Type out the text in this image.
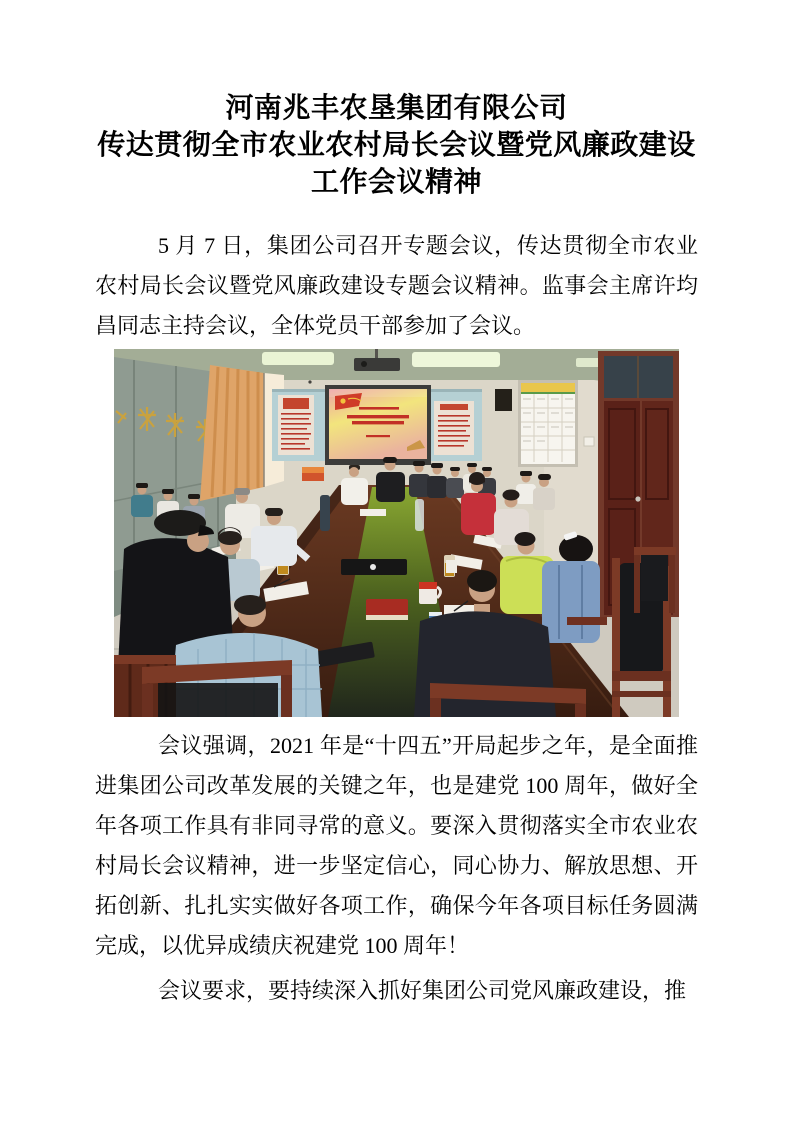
河南兆丰农垦集团有限公司
传达贯彻全市农业农村局长会议暨党风廉政建设
工作会议精神

5 月 7 日，集团公司召开专题会议，传达贯彻全市农业农村局长会议暨党风廉政建设专题会议精神。监事会主席许均昌同志主持会议，全体党员干部参加了会议。

会议强调，2021 年是“十四五”开局起步之年，是全面推进集团公司改革发展的关键之年，也是建党 100 周年，做好全年各项工作具有非同寻常的意义。要深入贯彻落实全市农业农村局长会议精神，进一步坚定信心，同心协力、解放思想、开拓创新、扎扎实实做好各项工作，确保今年各项目标任务圆满完成，以优异成绩庆祝建党 100 周年！

会议要求，要持续深入抓好集团公司党风廉政建设，推
